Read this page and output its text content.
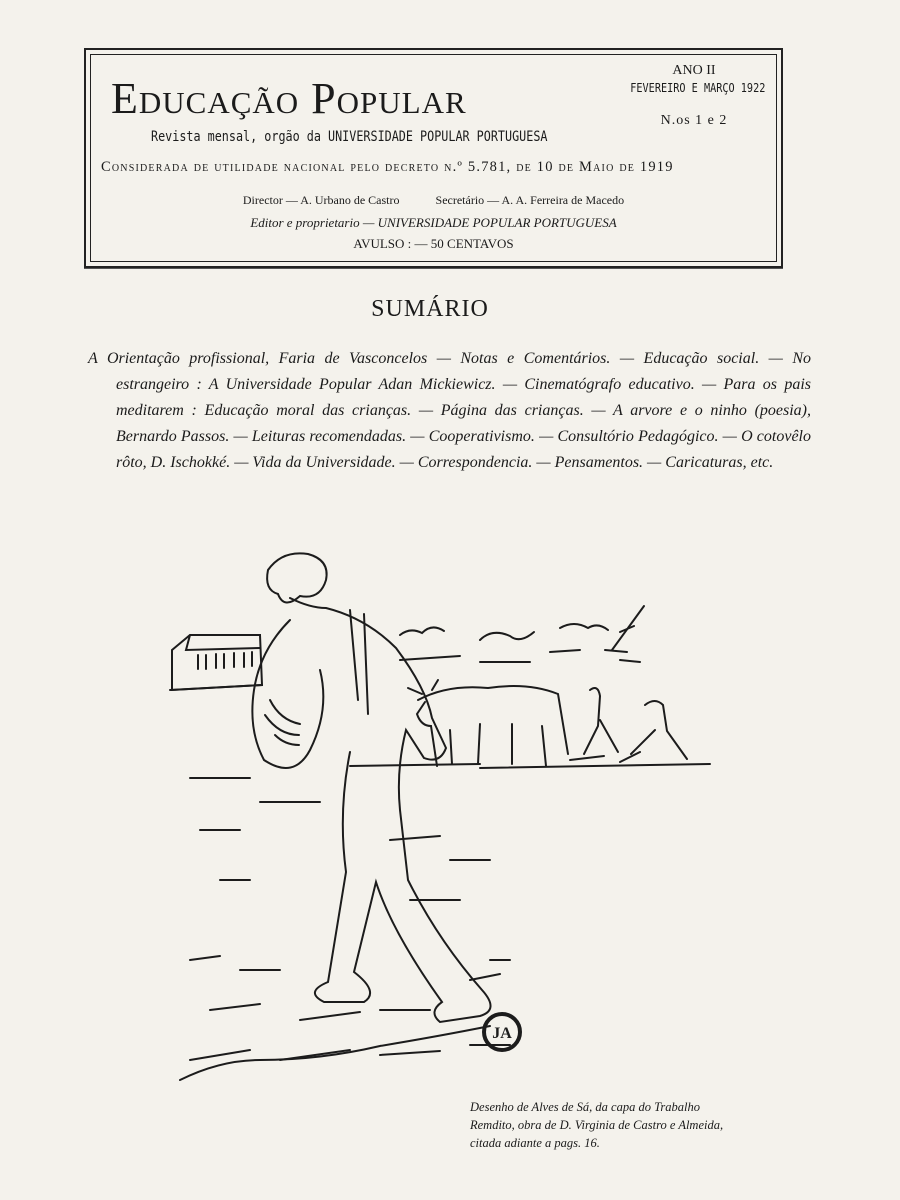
Educação Popular
Revista mensal, orgão da UNIVERSIDADE POPULAR PORTUGUESA
ANO II
FEVEREIRO E MARÇO 1922
N.os 1 e 2
Considerada de utilidade nacional pelo decreto n.º 5.781, de 10 de Maio de 1919
Director — A. Urbano de Castro	Secretário — A. A. Ferreira de Macedo
Editor e proprietario — UNIVERSIDADE POPULAR PORTUGUESA
AVULSO : — 50 CENTAVOS
SUMÁRIO
A Orientação profissional, Faria de Vasconcelos — Notas e Comentários. — Educação social. — No estrangeiro : A Universidade Popular Adan Mickiewicz. — Cinematógrafo educativo. — Para os pais meditarem : Educação moral das crianças. — Página das crianças. — A arvore e o ninho (poesia), Bernardo Passos. — Leituras recomendadas. — Cooperativismo. — Consultório Pedagógico. — O cotovêlo rôto, D. Ischokké. — Vida da Universidade. — Correspondencia. — Pensamentos. — Caricaturas, etc.
JA
Desenho de Alves de Sá, da capa do Trabalho
Remdito, obra de D. Virginia de Castro e Almeida,
citada adiante a pags. 16.
